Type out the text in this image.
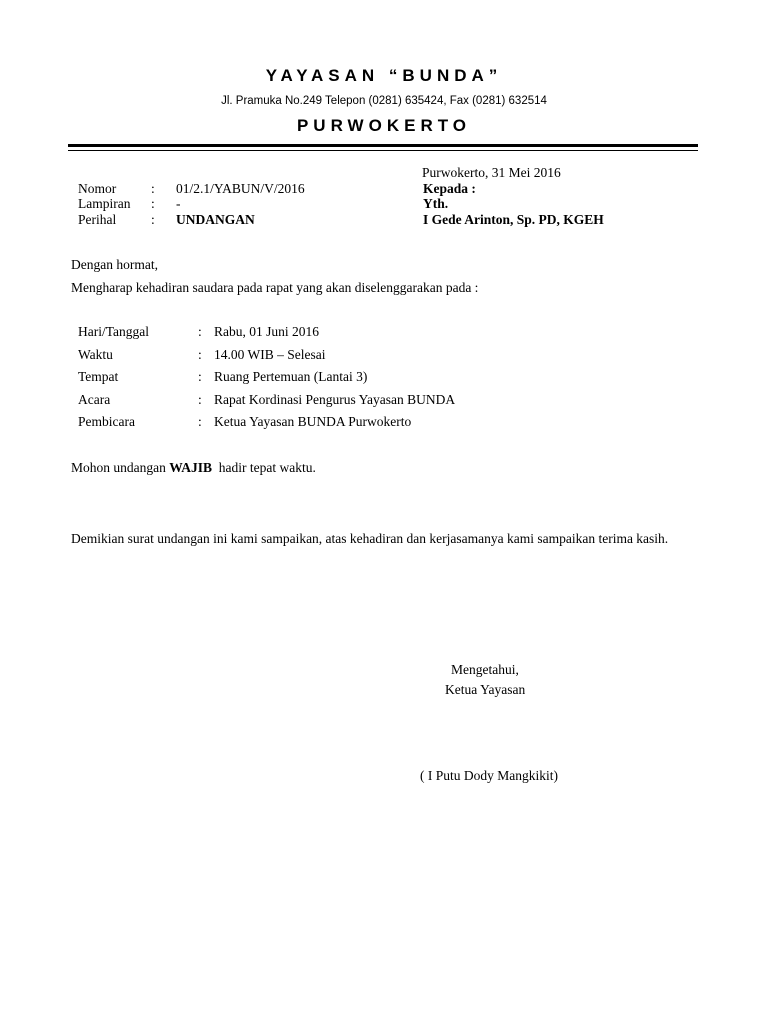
YAYASAN “BUNDA”
Jl. Pramuka No.249 Telepon (0281) 635424, Fax (0281) 632514
PURWOKERTO
Purwokerto, 31 Mei 2016
Nomor	: 01/2.1/YABUN/V/2016
Lampiran : -
Perihal	: UNDANGAN
Kepada :
Yth.
I Gede Arinton, Sp. PD, KGEH
Dengan hormat,
Mengharap kehadiran saudara pada rapat yang akan diselenggarakan pada :
Hari/Tanggal	: Rabu, 01 Juni 2016
Waktu	: 14.00 WIB – Selesai
Tempat	: Ruang Pertemuan (Lantai 3)
Acara	: Rapat Kordinasi Pengurus Yayasan BUNDA
Pembicara	: Ketua Yayasan BUNDA Purwokerto
Mohon undangan WAJIB  hadir tepat waktu.
Demikian surat undangan ini kami sampaikan, atas kehadiran dan kerjasamanya kami sampaikan terima kasih.
Mengetahui,
Ketua Yayasan
( I Putu Dody Mangkikit)
